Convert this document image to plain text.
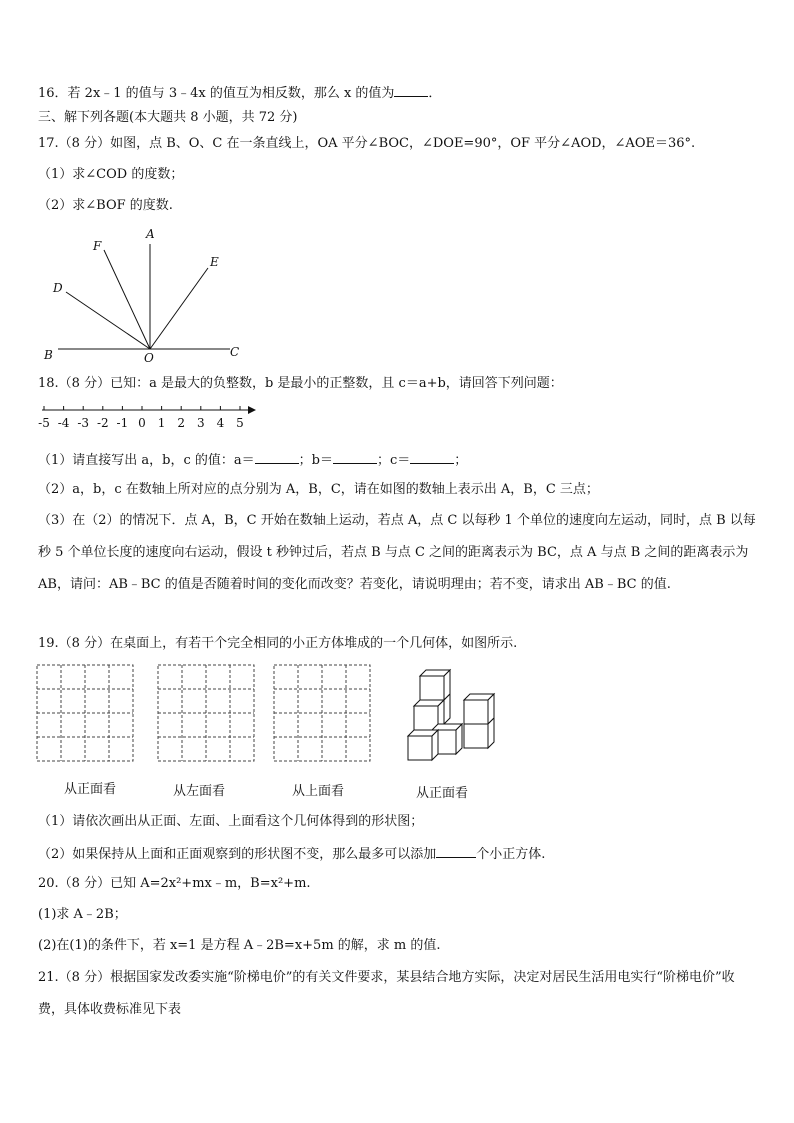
16．若 2x﹣1 的值与 3﹣4x 的值互为相反数，那么 x 的值为	．
三、解下列各题(本大题共 8 小题，共 72 分)
17.（8 分）如图，点 B、O、C 在一条直线上，OA 平分∠BOC，∠DOE=90°，OF 平分∠AOD，∠AOE＝36°.
（1）求∠COD 的度数；
（2）求∠BOF 的度数.
A
E
F
D
B	O	C
18.（8 分）已知：a 是最大的负整数，b 是最小的正整数，且 c＝a+b，请回答下列问题：
-5 -4 -3 -2 -1 0 1 2 3 4 5
（1）请直接写出 a，b，c 的值：a＝	；b＝	；c＝	；
（2）a，b，c 在数轴上所对应的点分别为 A，B，C，请在如图的数轴上表示出 A，B，C 三点；
（3）在（2）的情况下．点 A，B，C 开始在数轴上运动，若点 A，点 C 以每秒 1 个单位的速度向左运动，同时，点 B 以每秒 5 个单位长度的速度向右运动，假设 t 秒钟过后，若点 B 与点 C 之间的距离表示为 BC，点 A 与点 B 之间的距离表示为 AB，请问：AB﹣BC 的值是否随着时间的变化而改变？若变化，请说明理由；若不变，请求出 AB﹣BC 的值.
19.（8 分）在桌面上，有若干个完全相同的小正方体堆成的一个几何体，如图所示.
从正面看	从左面看	从上面看	从正面看
（1）请依次画出从正面、左面、上面看这个几何体得到的形状图；
（2）如果保持从上面和正面观察到的形状图不变，那么最多可以添加	个小正方体.
20.（8 分）已知 A=2x²+mx﹣m，B=x²+m.
(1)求 A﹣2B；
(2)在(1)的条件下，若 x=1 是方程 A﹣2B=x+5m 的解，求 m 的值.
21.（8 分）根据国家发改委实施“阶梯电价”的有关文件要求，某县结合地方实际，决定对居民生活用电实行“阶梯电价”收费，具体收费标准见下表
